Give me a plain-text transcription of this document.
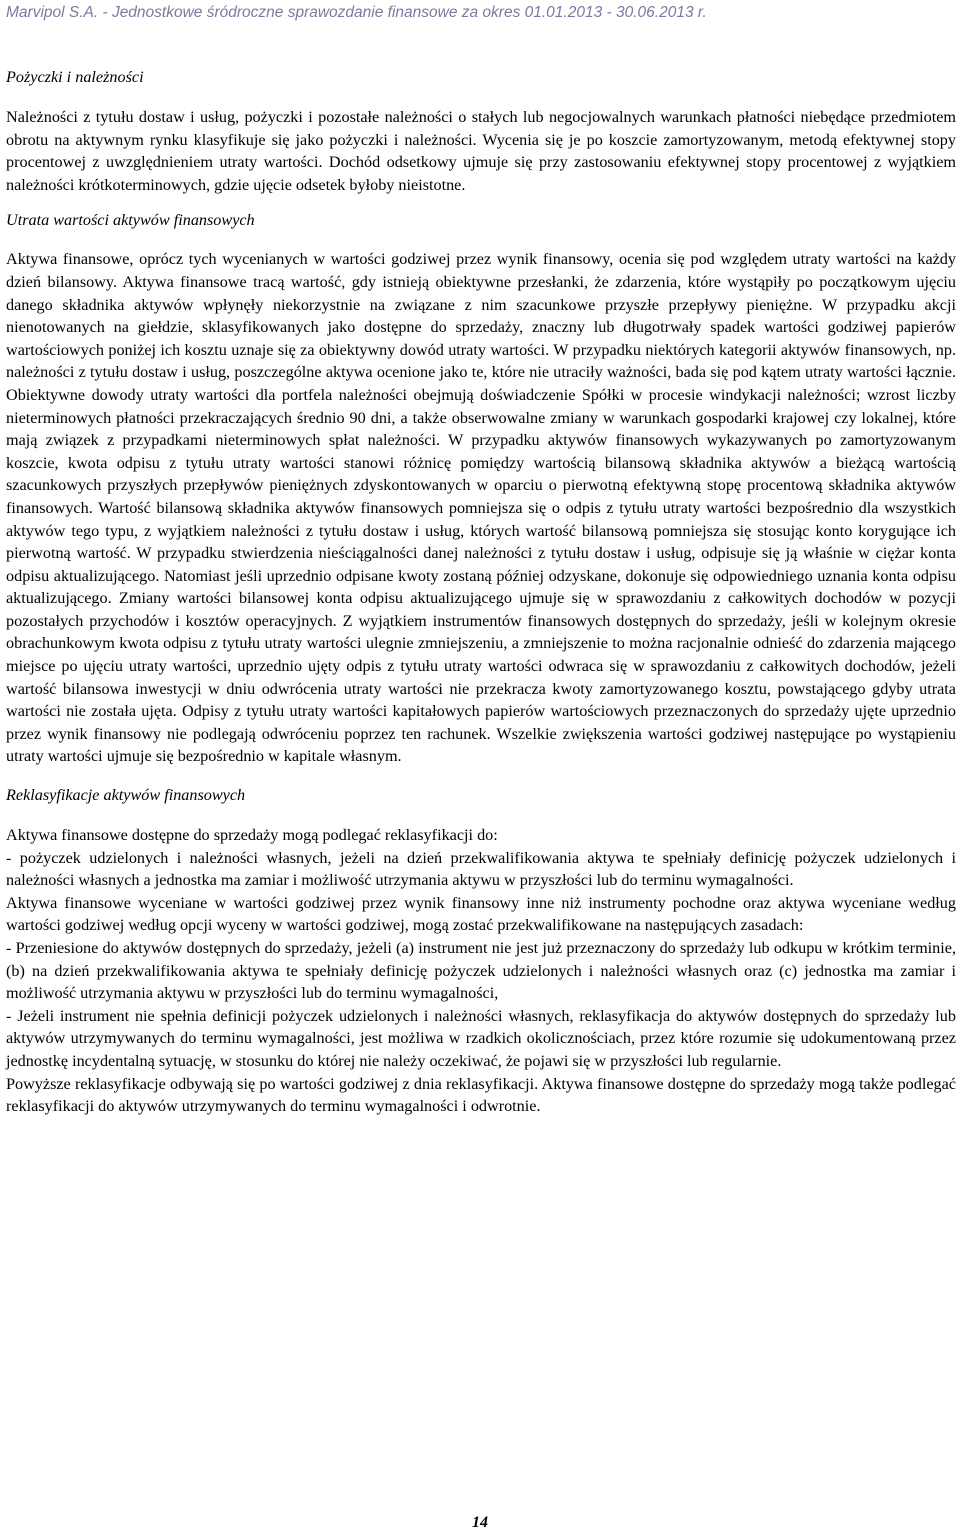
Marvipol S.A. - Jednostkowe śródroczne sprawozdanie finansowe za okres 01.01.2013 - 30.06.2013 r.
Pożyczki i należności

Należności z tytułu dostaw i usług, pożyczki i pozostałe należności o stałych lub negocjowalnych warunkach płatności niebędące przedmiotem obrotu na aktywnym rynku klasyfikuje się jako pożyczki i należności. Wycenia się je po koszcie zamortyzowanym, metodą efektywnej stopy procentowej z uwzględnieniem utraty wartości. Dochód odsetkowy ujmuje się przy zastosowaniu efektywnej stopy procentowej z wyjątkiem należności krótkoterminowych, gdzie ujęcie odsetek byłoby nieistotne.

Utrata wartości aktywów finansowych

Aktywa finansowe, oprócz tych wycenianych w wartości godziwej przez wynik finansowy, ocenia się pod względem utraty wartości na każdy dzień bilansowy. Aktywa finansowe tracą wartość, gdy istnieją obiektywne przesłanki, że zdarzenia, które wystąpiły po początkowym ujęciu danego składnika aktywów wpłynęły niekorzystnie na związane z nim szacunkowe przyszłe przepływy pieniężne. W przypadku akcji nienotowanych na giełdzie, sklasyfikowanych jako dostępne do sprzedaży, znaczny lub długotrwały spadek wartości godziwej papierów wartościowych poniżej ich kosztu uznaje się za obiektywny dowód utraty wartości. W przypadku niektórych kategorii aktywów finansowych, np. należności z tytułu dostaw i usług, poszczególne aktywa ocenione jako te, które nie utraciły ważności, bada się pod kątem utraty wartości łącznie. Obiektywne dowody utraty wartości dla portfela należności obejmują doświadczenie Spółki w procesie windykacji należności; wzrost liczby nieterminowych płatności przekraczających średnio 90 dni, a także obserwowalne zmiany w warunkach gospodarki krajowej czy lokalnej, które mają związek z przypadkami nieterminowych spłat należności. W przypadku aktywów finansowych wykazywanych po zamortyzowanym koszcie, kwota odpisu z tytułu utraty wartości stanowi różnicę pomiędzy wartością bilansową składnika aktywów a bieżącą wartością szacunkowych przyszłych przepływów pieniężnych zdyskontowanych w oparciu o pierwotną efektywną stopę procentową składnika aktywów finansowych. Wartość bilansową składnika aktywów finansowych pomniejsza się o odpis z tytułu utraty wartości bezpośrednio dla wszystkich aktywów tego typu, z wyjątkiem należności z tytułu dostaw i usług, których wartość bilansową pomniejsza się stosując konto korygujące ich pierwotną wartość. W przypadku stwierdzenia nieściągalności danej należności z tytułu dostaw i usług, odpisuje się ją właśnie w ciężar konta odpisu aktualizującego. Natomiast jeśli uprzednio odpisane kwoty zostaną później odzyskane, dokonuje się odpowiedniego uznania konta odpisu aktualizującego. Zmiany wartości bilansowej konta odpisu aktualizującego ujmuje się w sprawozdaniu z całkowitych dochodów w pozycji pozostałych przychodów i kosztów operacyjnych. Z wyjątkiem instrumentów finansowych dostępnych do sprzedaży, jeśli w kolejnym okresie obrachunkowym kwota odpisu z tytułu utraty wartości ulegnie zmniejszeniu, a zmniejszenie to można racjonalnie odnieść do zdarzenia mającego miejsce po ujęciu utraty wartości, uprzednio ujęty odpis z tytułu utraty wartości odwraca się w sprawozdaniu z całkowitych dochodów, jeżeli wartość bilansowa inwestycji w dniu odwrócenia utraty wartości nie przekracza kwoty zamortyzowanego kosztu, powstającego gdyby utrata wartości nie została ujęta. Odpisy z tytułu utraty wartości kapitałowych papierów wartościowych przeznaczonych do sprzedaży ujęte uprzednio przez wynik finansowy nie podlegają odwróceniu poprzez ten rachunek. Wszelkie zwiększenia wartości godziwej następujące po wystąpieniu utraty wartości ujmuje się bezpośrednio w kapitale własnym.

Reklasyfikacje aktywów finansowych

Aktywa finansowe dostępne do sprzedaży mogą podlegać reklasyfikacji do:

- pożyczek udzielonych i należności własnych, jeżeli na dzień przekwalifikowania aktywa te spełniały definicję pożyczek udzielonych i należności własnych a jednostka ma zamiar i możliwość utrzymania aktywu w przyszłości lub do terminu wymagalności.

Aktywa finansowe wyceniane w wartości godziwej przez wynik finansowy inne niż instrumenty pochodne oraz aktywa wyceniane według wartości godziwej według opcji wyceny w wartości godziwej, mogą zostać przekwalifikowane na następujących zasadach:

- Przeniesione do aktywów dostępnych do sprzedaży, jeżeli (a) instrument nie jest już przeznaczony do sprzedaży lub odkupu w krótkim terminie, (b) na dzień przekwalifikowania aktywa te spełniały definicję pożyczek udzielonych i należności własnych oraz (c) jednostka ma zamiar i możliwość utrzymania aktywu w przyszłości lub do terminu wymagalności,

- Jeżeli instrument nie spełnia definicji pożyczek udzielonych i należności własnych, reklasyfikacja do aktywów dostępnych do sprzedaży lub aktywów utrzymywanych do terminu wymagalności, jest możliwa w rzadkich okolicznościach, przez które rozumie się udokumentowaną przez jednostkę incydentalną sytuację, w stosunku do której nie należy oczekiwać, że pojawi się w przyszłości lub regularnie.

Powyższe reklasyfikacje odbywają się po wartości godziwej z dnia reklasyfikacji. Aktywa finansowe dostępne do sprzedaży mogą także podlegać reklasyfikacji do aktywów utrzymywanych do terminu wymagalności i odwrotnie.

14
